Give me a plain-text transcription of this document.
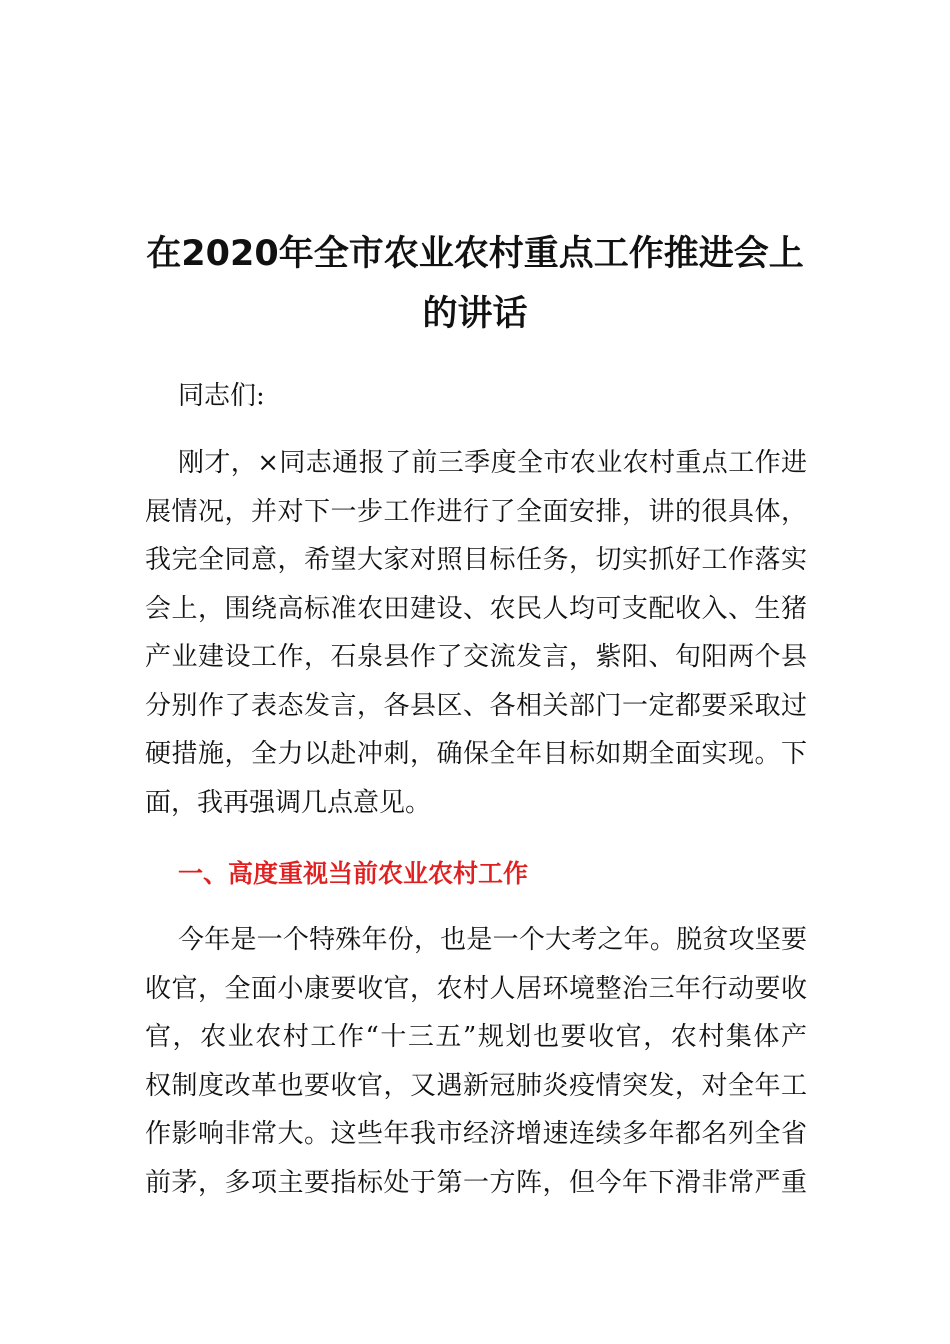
在2020年全市农业农村重点工作推进会上
的讲话

同志们:

刚才，×同志通报了前三季度全市农业农村重点工作进
展情况，并对下一步工作进行了全面安排，讲的很具体，
我完全同意，希望大家对照目标任务，切实抓好工作落实
会上，围绕高标准农田建设、农民人均可支配收入、生猪
产业建设工作，石泉县作了交流发言，紫阳、旬阳两个县
分别作了表态发言，各县区、各相关部门一定都要采取过
硬措施，全力以赴冲刺，确保全年目标如期全面实现。下
面，我再强调几点意见。
一、高度重视当前农业农村工作
今年是一个特殊年份，也是一个大考之年。脱贫攻坚要
收官，全面小康要收官，农村人居环境整治三年行动要收
官，农业农村工作“十三五”规划也要收官，农村集体产
权制度改革也要收官，又遇新冠肺炎疫情突发，对全年工
作影响非常大。这些年我市经济增速连续多年都名列全省
前茅，多项主要指标处于第一方阵，但今年下滑非常严重
